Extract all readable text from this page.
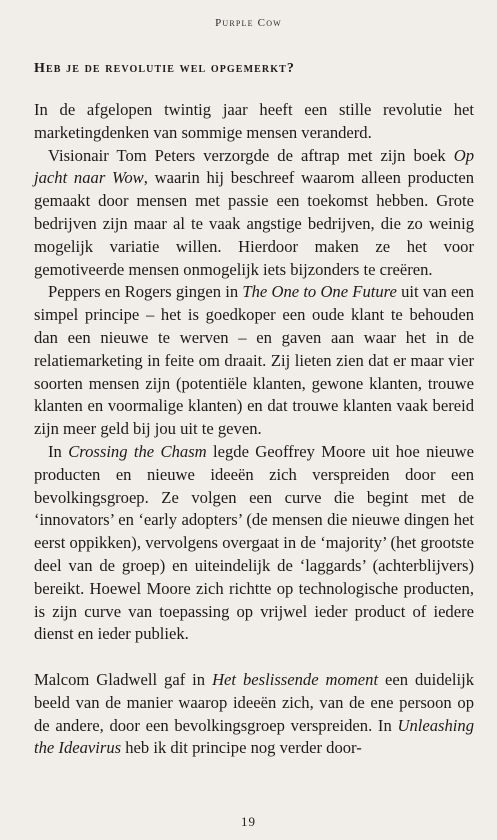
Purple Cow
Heb je de revolutie wel opgemerkt?

In de afgelopen twintig jaar heeft een stille revolutie het marketingdenken van sommige mensen veranderd.

Visionair Tom Peters verzorgde de aftrap met zijn boek Op jacht naar Wow, waarin hij beschreef waarom alleen producten gemaakt door mensen met passie een toekomst hebben. Grote bedrijven zijn maar al te vaak angstige bedrijven, die zo weinig mogelijk variatie willen. Hierdoor maken ze het voor gemotiveerde mensen onmogelijk iets bijzonders te creëren.

Peppers en Rogers gingen in The One to One Future uit van een simpel principe – het is goedkoper een oude klant te behouden dan een nieuwe te werven – en gaven aan waar het in de relatiemarketing in feite om draait. Zij lieten zien dat er maar vier soorten mensen zijn (potentiële klanten, gewone klanten, trouwe klanten en voormalige klanten) en dat trouwe klanten vaak bereid zijn meer geld bij jou uit te geven.

In Crossing the Chasm legde Geoffrey Moore uit hoe nieuwe producten en nieuwe ideeën zich verspreiden door een bevolkingsgroep. Ze volgen een curve die begint met de ‘innovators’ en ‘early adopters’ (de mensen die nieuwe dingen het eerst oppikken), vervolgens overgaat in de ‘majority’ (het grootste deel van de groep) en uiteindelijk de ‘laggards’ (achterblijvers) bereikt. Hoewel Moore zich richtte op technologische producten, is zijn curve van toepassing op vrijwel ieder product of iedere dienst en ieder publiek.

Malcom Gladwell gaf in Het beslissende moment een duidelijk beeld van de manier waarop ideeën zich, van de ene persoon op de andere, door een bevolkingsgroep verspreiden. In Unleashing the Ideavirus heb ik dit principe nog verder door-

19
